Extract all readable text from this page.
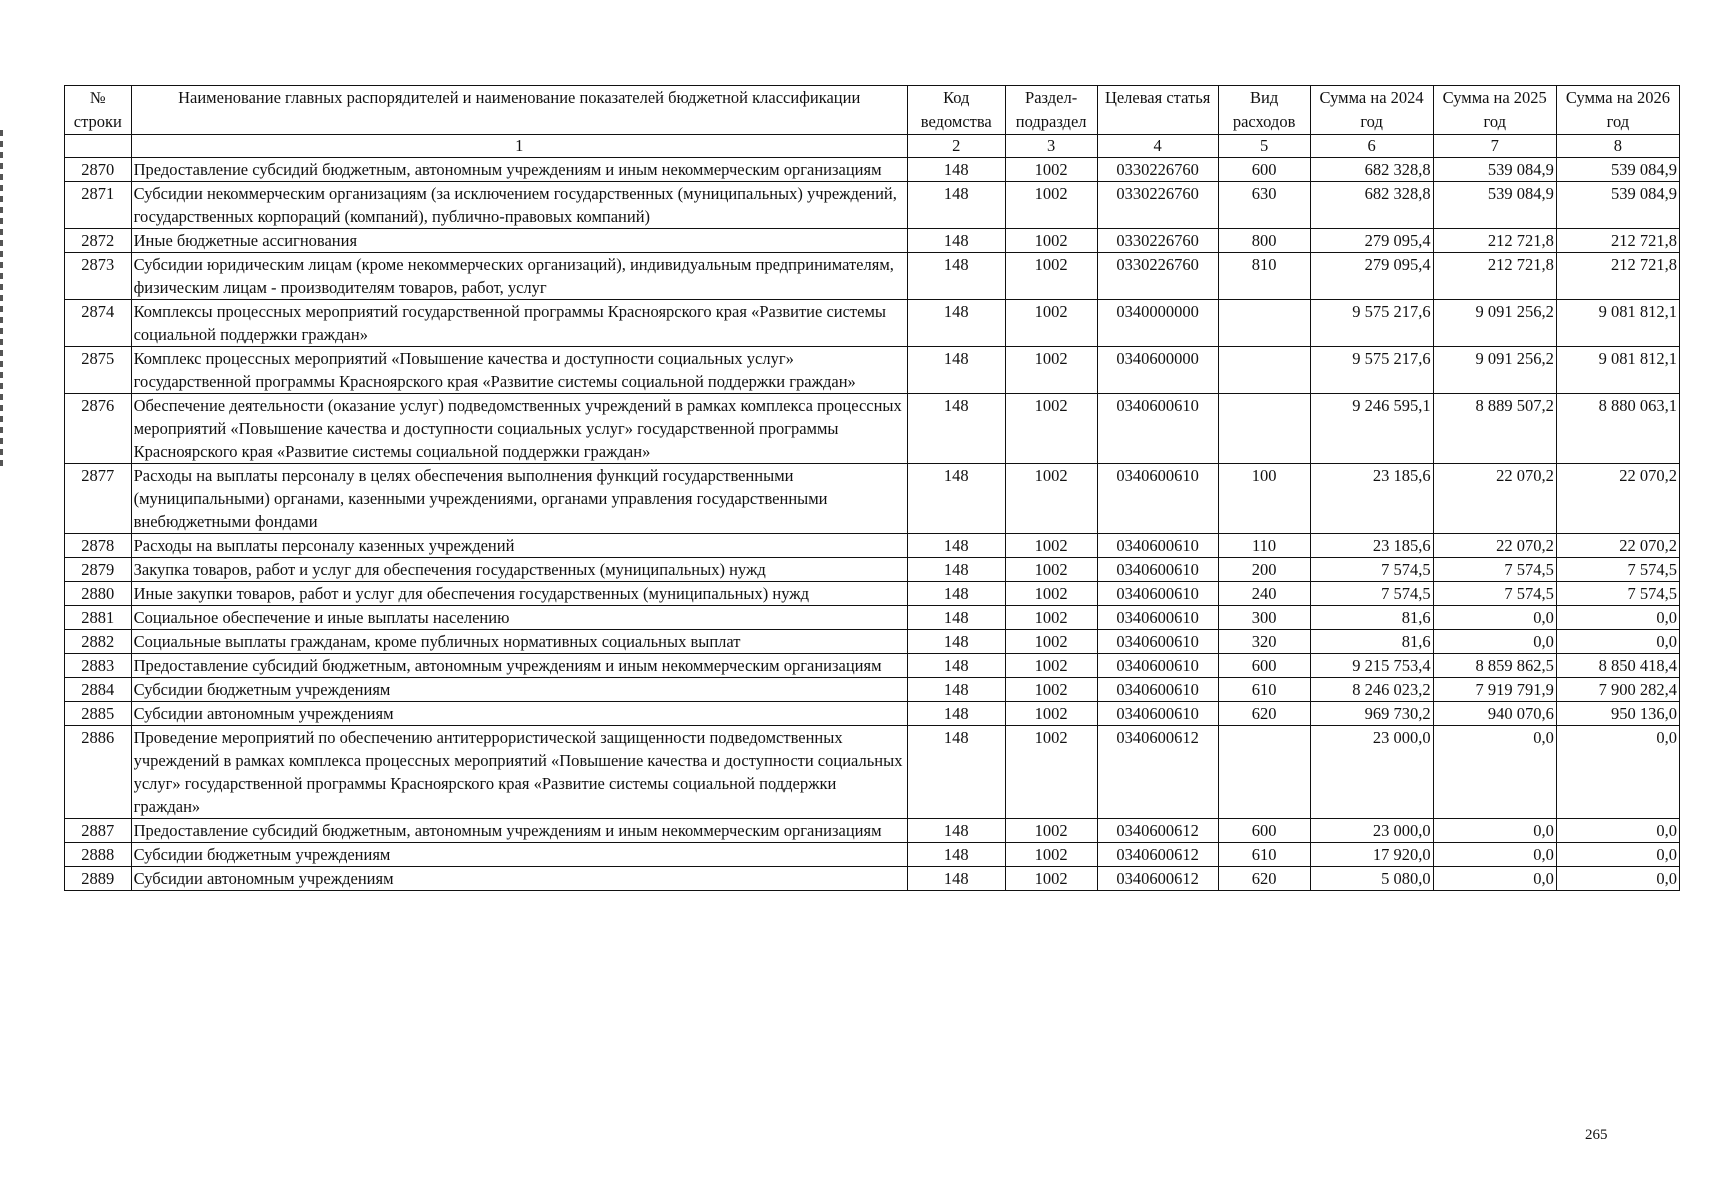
№ строки	Наименование главных распорядителей и наименование показателей бюджетной классификации	Код ведомства	Раздел-подраздел	Целевая статья	Вид расходов	Сумма на 2024 год	Сумма на 2025 год	Сумма на 2026 год
	1	2	3	4	5	6	7	8
2870	Предоставление субсидий бюджетным, автономным учреждениям и иным некоммерческим организациям	148	1002	0330226760	600	682 328,8	539 084,9	539 084,9
2871	Субсидии некоммерческим организациям (за исключением государственных (муниципальных) учреждений, государственных корпораций (компаний), публично-правовых компаний)	148	1002	0330226760	630	682 328,8	539 084,9	539 084,9
2872	Иные бюджетные ассигнования	148	1002	0330226760	800	279 095,4	212 721,8	212 721,8
2873	Субсидии юридическим лицам (кроме некоммерческих организаций), индивидуальным предпринимателям, физическим лицам - производителям товаров, работ, услуг	148	1002	0330226760	810	279 095,4	212 721,8	212 721,8
2874	Комплексы процессных мероприятий государственной программы Красноярского края «Развитие системы социальной поддержки граждан»	148	1002	0340000000		9 575 217,6	9 091 256,2	9 081 812,1
2875	Комплекс процессных мероприятий «Повышение качества и доступности социальных услуг» государственной программы Красноярского края «Развитие системы социальной поддержки граждан»	148	1002	0340600000		9 575 217,6	9 091 256,2	9 081 812,1
2876	Обеспечение деятельности (оказание услуг) подведомственных учреждений в рамках комплекса процессных мероприятий «Повышение качества и доступности социальных услуг» государственной программы Красноярского края «Развитие системы социальной поддержки граждан»	148	1002	0340600610		9 246 595,1	8 889 507,2	8 880 063,1
2877	Расходы на выплаты персоналу в целях обеспечения выполнения функций государственными (муниципальными) органами, казенными учреждениями, органами управления государственными внебюджетными фондами	148	1002	0340600610	100	23 185,6	22 070,2	22 070,2
2878	Расходы на выплаты персоналу казенных учреждений	148	1002	0340600610	110	23 185,6	22 070,2	22 070,2
2879	Закупка товаров, работ и услуг для обеспечения государственных (муниципальных) нужд	148	1002	0340600610	200	7 574,5	7 574,5	7 574,5
2880	Иные закупки товаров, работ и услуг для обеспечения государственных (муниципальных) нужд	148	1002	0340600610	240	7 574,5	7 574,5	7 574,5
2881	Социальное обеспечение и иные выплаты населению	148	1002	0340600610	300	81,6	0,0	0,0
2882	Социальные выплаты гражданам, кроме публичных нормативных социальных выплат	148	1002	0340600610	320	81,6	0,0	0,0
2883	Предоставление субсидий бюджетным, автономным учреждениям и иным некоммерческим организациям	148	1002	0340600610	600	9 215 753,4	8 859 862,5	8 850 418,4
2884	Субсидии бюджетным учреждениям	148	1002	0340600610	610	8 246 023,2	7 919 791,9	7 900 282,4
2885	Субсидии автономным учреждениям	148	1002	0340600610	620	969 730,2	940 070,6	950 136,0
2886	Проведение мероприятий по обеспечению антитеррористической защищенности подведомственных учреждений в рамках комплекса процессных мероприятий «Повышение качества и доступности социальных услуг» государственной программы Красноярского края «Развитие системы социальной поддержки граждан»	148	1002	0340600612		23 000,0	0,0	0,0
2887	Предоставление субсидий бюджетным, автономным учреждениям и иным некоммерческим организациям	148	1002	0340600612	600	23 000,0	0,0	0,0
2888	Субсидии бюджетным учреждениям	148	1002	0340600612	610	17 920,0	0,0	0,0
2889	Субсидии автономным учреждениям	148	1002	0340600612	620	5 080,0	0,0	0,0
265
